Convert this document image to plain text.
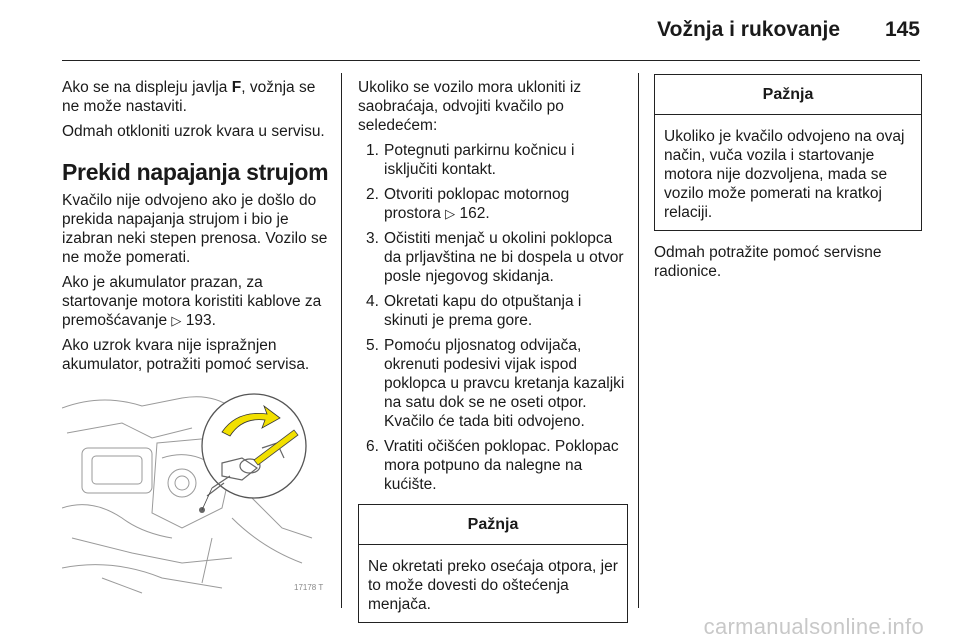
Vožnja i rukovanje 145

Ako se na displeju javlja F, vožnja se ne može nastaviti.

Odmah otkloniti uzrok kvara u servisu.

Prekid napajanja strujom

Kvačilo nije odvojeno ako je došlo do prekida napajanja strujom i bio je izabran neki stepen prenosa. Vozilo se ne može pomerati.

Ako je akumulator prazan, za startovanje motora koristiti kablove za premošćavanje ▷ 193.

Ako uzrok kvara nije ispražnjen akumulator, potražiti pomoć servisa.

17178 T

Ukoliko se vozilo mora ukloniti iz saobraćaja, odvojiti kvačilo po seledećem:

1. Potegnuti parkirnu kočnicu i isključiti kontakt.
2. Otvoriti poklopac motornog prostora ▷ 162.
3. Očistiti menjač u okolini poklopca da prljavština ne bi dospela u otvor posle njegovog skidanja.
4. Okretati kapu do otpuštanja i skinuti je prema gore.
5. Pomoću pljosnatog odvijača, okrenuti podesivi vijak ispod poklopca u pravcu kretanja kazaljki na satu dok se ne oseti otpor. Kvačilo će tada biti odvojeno.
6. Vratiti očišćen poklopac. Poklopac mora potpuno da nalegne na kućište.
Pažnja
Ne okretati preko osećaja otpora, jer to može dovesti do oštećenja menjača.
Pažnja
Ukoliko je kvačilo odvojeno na ovaj način, vuča vozila i startovanje motora nije dozvoljena, mada se vozilo može pomerati na kratkoj relaciji.

Odmah potražite pomoć servisne radionice.

carmanualsonline.info
